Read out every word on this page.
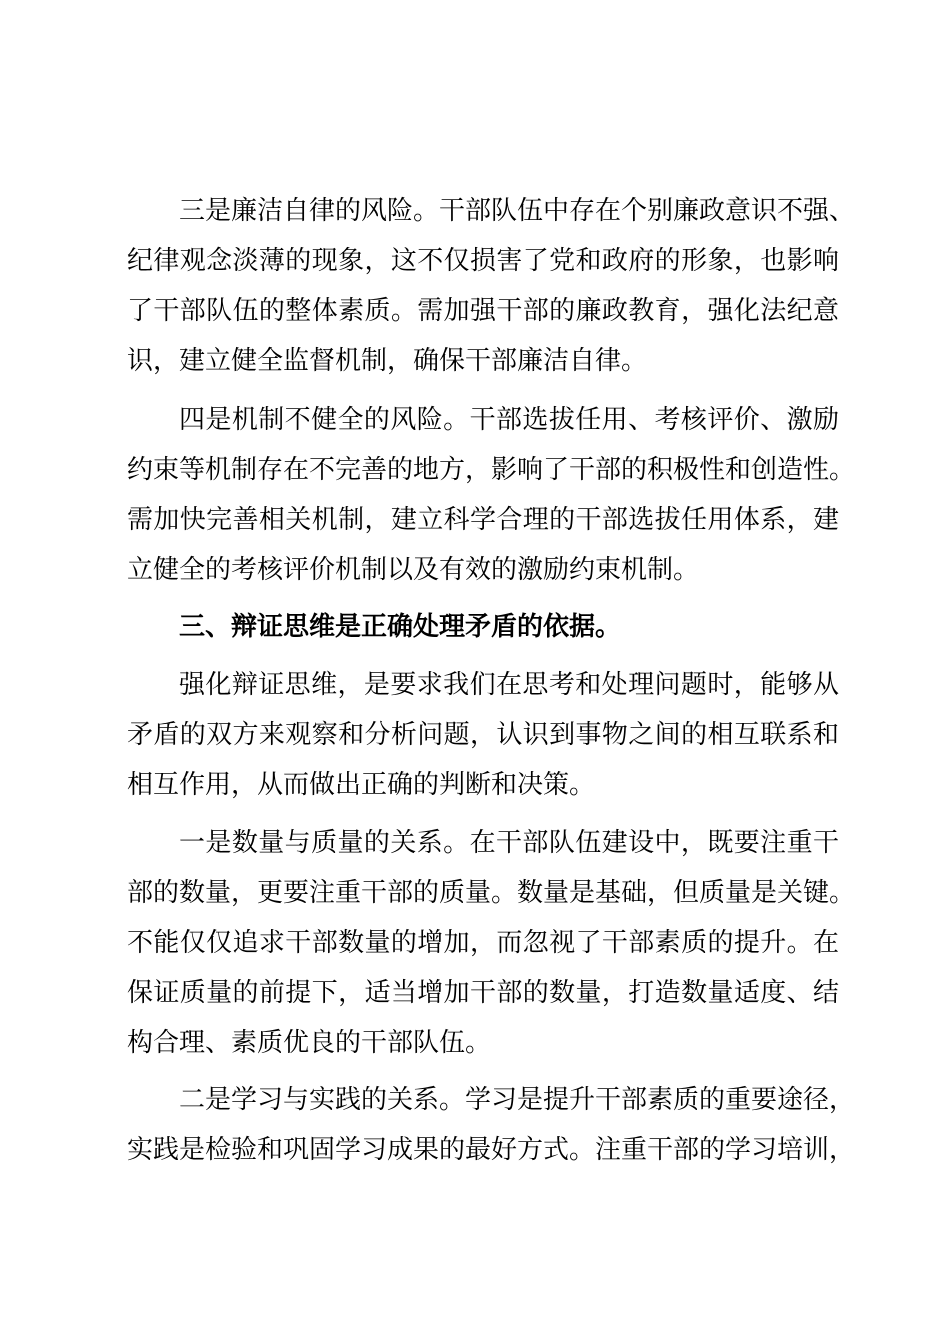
三是廉洁自律的风险。干部队伍中存在个别廉政意识不强、
纪律观念淡薄的现象，这不仅损害了党和政府的形象，也影响
了干部队伍的整体素质。需加强干部的廉政教育，强化法纪意
识，建立健全监督机制，确保干部廉洁自律。
四是机制不健全的风险。干部选拔任用、考核评价、激励
约束等机制存在不完善的地方，影响了干部的积极性和创造性。
需加快完善相关机制，建立科学合理的干部选拔任用体系，建
立健全的考核评价机制以及有效的激励约束机制。
三、辩证思维是正确处理矛盾的依据。
强化辩证思维，是要求我们在思考和处理问题时，能够从
矛盾的双方来观察和分析问题，认识到事物之间的相互联系和
相互作用，从而做出正确的判断和决策。
一是数量与质量的关系。在干部队伍建设中，既要注重干
部的数量，更要注重干部的质量。数量是基础，但质量是关键。
不能仅仅追求干部数量的增加，而忽视了干部素质的提升。在
保证质量的前提下，适当增加干部的数量，打造数量适度、结
构合理、素质优良的干部队伍。
二是学习与实践的关系。学习是提升干部素质的重要途径，
实践是检验和巩固学习成果的最好方式。注重干部的学习培训，
